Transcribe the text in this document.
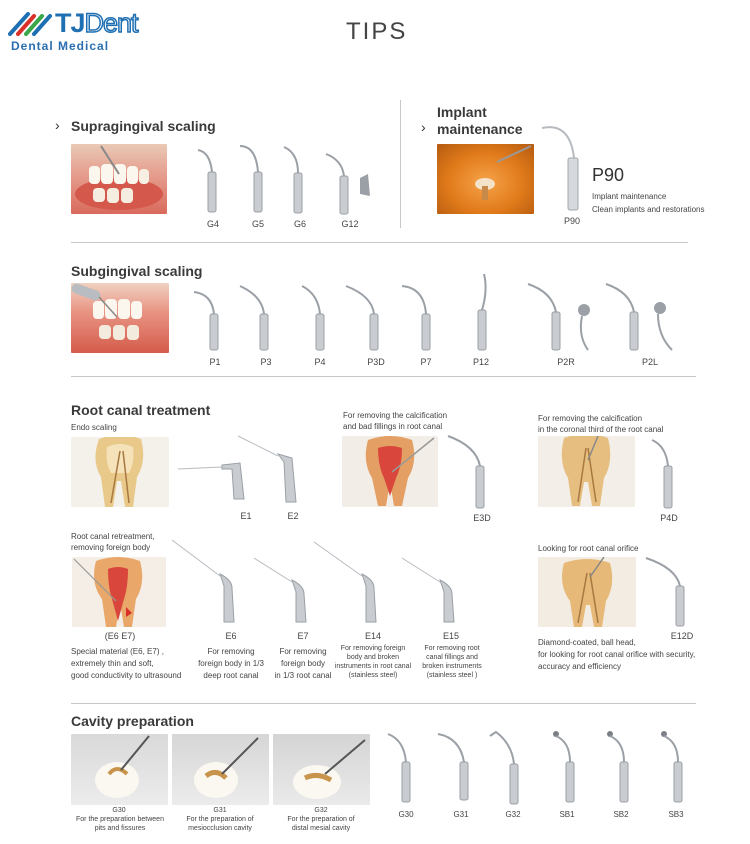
TJDent
Dental Medical
TIPS
› Supragingival scaling
G4	G5	G6	G12
›
Implant
maintenance
P90
P90
Implant maintenance
Clean implants and restorations
Subgingival scaling
P1	P3	P4	P3D	P7	P12	P2R	P2L
Root canal treatment
Endo scaling
E1	E2
For removing the calcification
and bad fillings in root canal
E3D
For removing the calcification
in the coronal third of the root canal
P4D
Root canal retreatment,
removing foreign body
(E6 E7)
Special material (E6, E7) ,
extremely thin and soft,
good conductivity to ultrasound
E6
For removing
foreign body in 1/3
deep root canal
E7
For removing
foreign body
in 1/3 root canal
E14
For removing foreign
body and broken
instruments in root canal
(stainless steel)
E15
For removing root
canal fillings and
broken instruments
(stainless steel )
Looking for root canal orifice
E12D
Diamond-coated, ball head,
for looking for root canal orifice with security,
accuracy and efficiency
Cavity preparation
G30
For the preparation between
pits and fissures
G31
For the preparation of
mesiocclusion cavity
G32
For the preparation of
distal mesial cavity
G30	G31	G32	SB1	SB2	SB3
